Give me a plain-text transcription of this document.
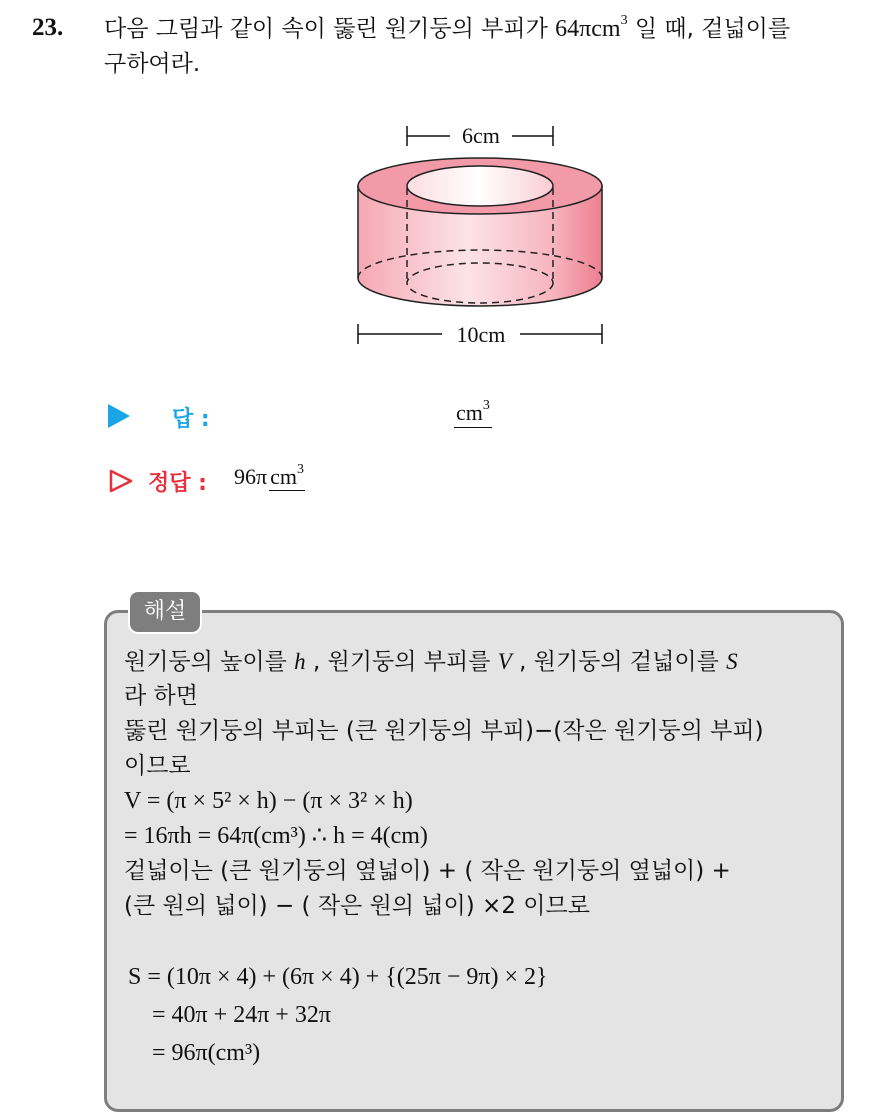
23. 다음 그림과 같이 속이 뚫린 원기둥의 부피가 64πcm$^3$ 일 때, 겉넓이를
구하여라.
6cm
10cm
답 :	$cm^3$
정답 : 96π $cm^3$
해설
원기둥의 높이를 h , 원기둥의 부피를 V , 원기둥의 겉넓이를 S
라 하면
뚫린 원기둥의 부피는 (큰 원기둥의 부피)−(작은 원기둥의 부피)
이므로
V = (π × 5² × h) − (π × 3² × h)
= 16πh = 64π(cm³) ∴ h = 4(cm)
겉넓이는 (큰 원기둥의 옆넓이) + ( 작은 원기둥의 옆넓이) +
(큰 원의 넓이) − ( 작은 원의 넓이) ×2 이므로
S = (10π × 4) + (6π × 4) + {(25π − 9π) × 2}
= 40π + 24π + 32π
= 96π(cm³)
